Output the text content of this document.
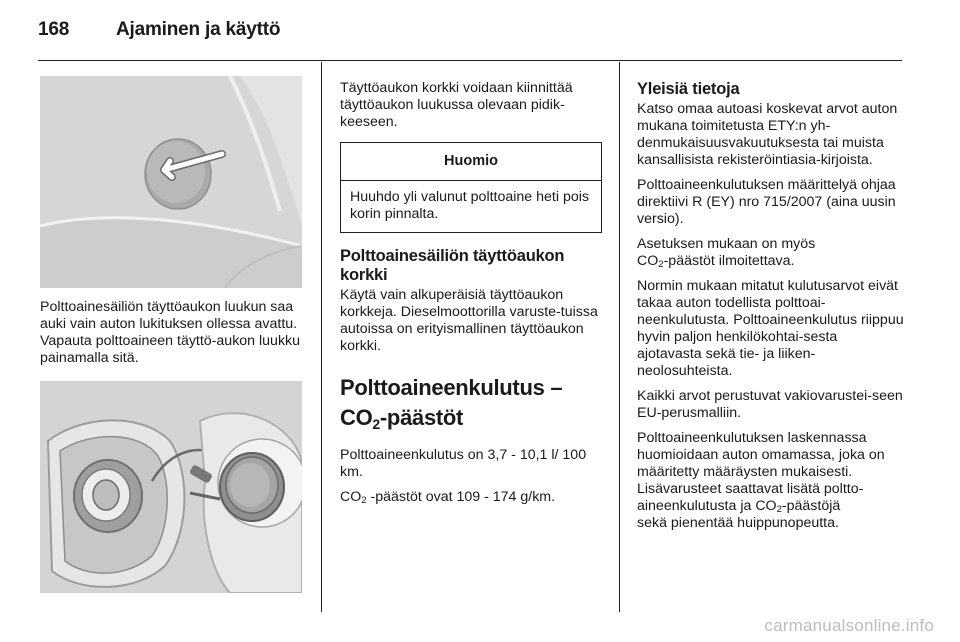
168	Ajaminen ja käyttö
Polttoainesäiliön täyttöaukon luukun saa auki vain auton lukituksen ollessa avattu. Vapauta polttoaineen täyttö-aukon luukku painamalla sitä.

Täyttöaukon korkki voidaan kiinnittää täyttöaukon luukussa olevaan pidik-keeseen.

Huomio
Huuhdo yli valunut polttoaine heti pois korin pinnalta.
Polttoainesäiliön täyttöaukon korkki

Käytä vain alkuperäisiä täyttöaukon korkkeja. Dieselmoottorilla varuste-tuissa autoissa on erityismallinen täyttöaukon korkki.

Polttoaineenkulutus –
$CO_2$-päästöt

Polttoaineenkulutus on 3,7 - 10,1 l/ 100 km.

$CO_2$ -päästöt ovat 109 - 174 g/km.

Yleisiä tietoja

Katso omaa autoasi koskevat arvot auton mukana toimitetusta ETY:n yh-denmukaisuusvakuutuksesta tai muista kansallisista rekisteröintiasia-kirjoista.

Polttoaineenkulutuksen määrittelyä ohjaa direktiivi R (EY) nro 715/2007 (aina uusin versio).

Asetuksen mukaan on myös
$CO_2$-päästöt ilmoitettava.

Normin mukaan mitatut kulutusarvot eivät takaa auton todellista polttoai-neenkulutusta. Polttoaineenkulutus riippuu hyvin paljon henkilökohtai-sesta ajotavasta sekä tie- ja liiken-neolosuhteista.

Kaikki arvot perustuvat vakiovarustei-seen EU-perusmalliin.

Polttoaineenkulutuksen laskennassa huomioidaan auton omamassa, joka on määritetty määräysten mukaisesti. Lisävarusteet saattavat lisätä poltto-aineenkulutusta ja $CO_2$-päästöjä
sekä pienentää huippunopeutta.

carmanualsonline.info
